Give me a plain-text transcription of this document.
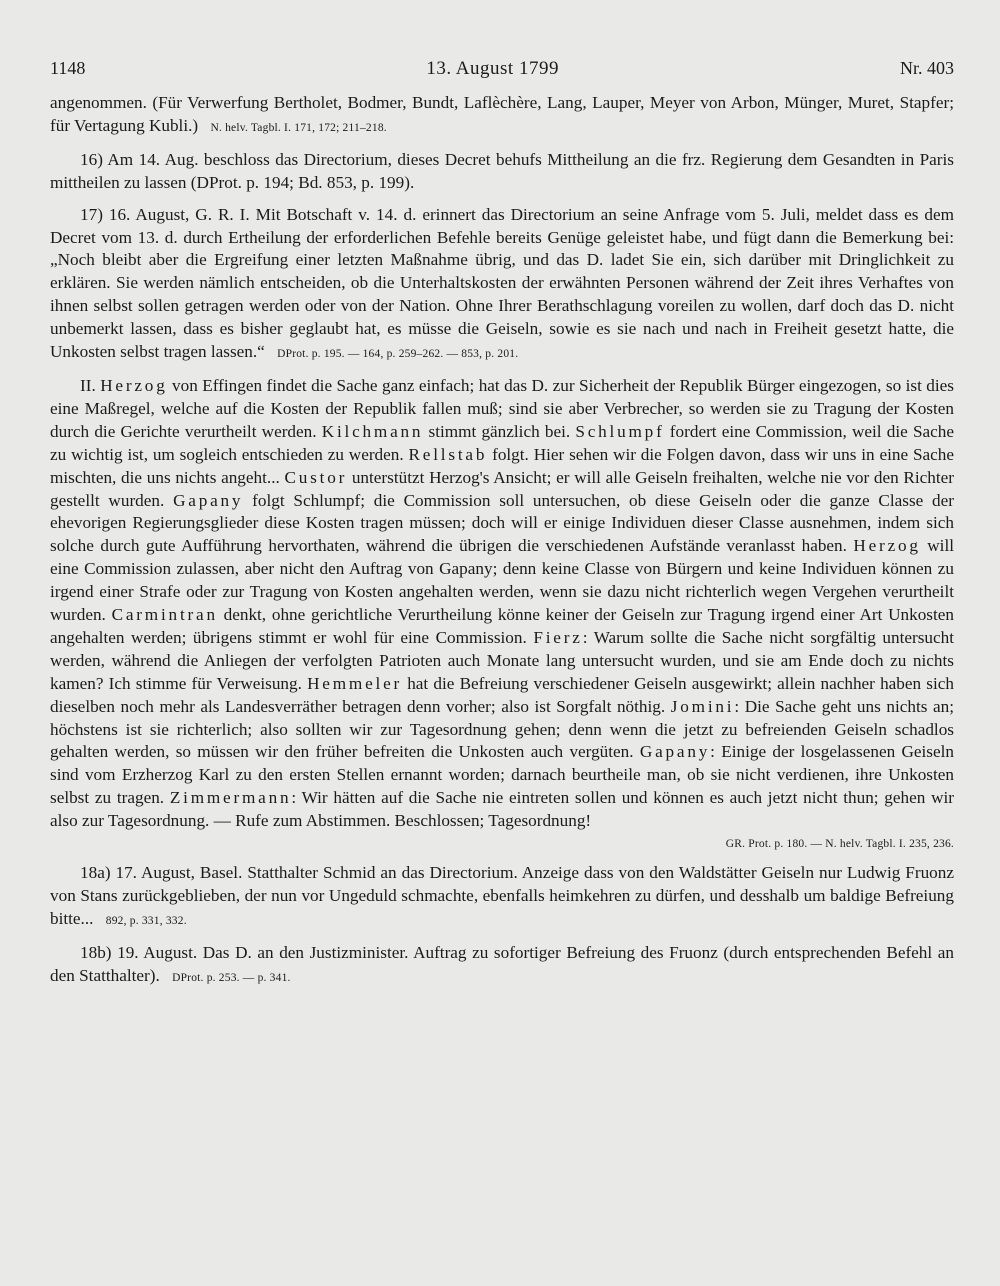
1148	13. August 1799	Nr. 403

angenommen. (Für Verwerfung Bertholet, Bodmer, Bundt, Laflèchère, Lang, Lauper, Meyer von Arbon, Münger, Muret, Stapfer; für Vertagung Kubli.) N. helv. Tagbl. I. 171, 172; 211–218.

16) Am 14. Aug. beschloss das Directorium, dieses Decret behufs Mittheilung an die frz. Regierung dem Gesandten in Paris mittheilen zu lassen (DProt. p. 194; Bd. 853, p. 199).

17) 16. August, G. R. I. Mit Botschaft v. 14. d. erinnert das Directorium an seine Anfrage vom 5. Juli, meldet dass es dem Decret vom 13. d. durch Ertheilung der erforderlichen Befehle bereits Genüge geleistet habe, und fügt dann die Bemerkung bei: „Noch bleibt aber die Ergreifung einer letzten Maßnahme übrig, und das D. ladet Sie ein, sich darüber mit Dringlichkeit zu erklären. Sie werden nämlich entscheiden, ob die Unterhaltskosten der erwähnten Personen während der Zeit ihres Verhaftes von ihnen selbst sollen getragen werden oder von der Nation. Ohne Ihrer Berathschlagung voreilen zu wollen, darf doch das D. nicht unbemerkt lassen, dass es bisher geglaubt hat, es müsse die Geiseln, sowie es sie nach und nach in Freiheit gesetzt hatte, die Unkosten selbst tragen lassen.“ DProt. p. 195. — 164, p. 259–262. — 853, p. 201.

II. Herzog von Effingen findet die Sache ganz einfach; hat das D. zur Sicherheit der Republik Bürger eingezogen, so ist dies eine Maßregel, welche auf die Kosten der Republik fallen muß; sind sie aber Verbrecher, so werden sie zu Tragung der Kosten durch die Gerichte verurtheilt werden. Kilchmann stimmt gänzlich bei. Schlumpf fordert eine Commission, weil die Sache zu wichtig ist, um sogleich entschieden zu werden. Rellstab folgt. Hier sehen wir die Folgen davon, dass wir uns in eine Sache mischten, die uns nichts angeht... Custor unterstützt Herzog's Ansicht; er will alle Geiseln freihalten, welche nie vor den Richter gestellt wurden. Gapany folgt Schlumpf; die Commission soll untersuchen, ob diese Geiseln oder die ganze Classe der ehevorigen Regierungsglieder diese Kosten tragen müssen; doch will er einige Individuen dieser Classe ausnehmen, indem sich solche durch gute Aufführung hervorthaten, während die übrigen die verschiedenen Aufstände veranlasst haben. Herzog will eine Commission zulassen, aber nicht den Auftrag von Gapany; denn keine Classe von Bürgern und keine Individuen können zu irgend einer Strafe oder zur Tragung von Kosten angehalten werden, wenn sie dazu nicht richterlich wegen Vergehen verurtheilt wurden. Carmintran denkt, ohne gerichtliche Verurtheilung könne keiner der Geiseln zur Tragung irgend einer Art Unkosten angehalten werden; übrigens stimmt er wohl für eine Commission. Fierz: Warum sollte die Sache nicht sorgfältig untersucht werden, während die Anliegen der verfolgten Patrioten auch Monate lang untersucht wurden, und sie am Ende doch zu nichts kamen? Ich stimme für Verweisung. Hemmeler hat die Befreiung verschiedener Geiseln ausgewirkt; allein nachher haben sich dieselben noch mehr als Landesverräther betragen denn vorher; also ist Sorgfalt nöthig. Jomini: Die Sache geht uns nichts an; höchstens ist sie richterlich; also sollten wir zur Tagesordnung gehen; denn wenn die jetzt zu befreienden Geiseln schadlos gehalten werden, so müssen wir den früher befreiten die Unkosten auch vergüten. Gapany: Einige der losgelassenen Geiseln sind vom Erzherzog Karl zu den ersten Stellen ernannt worden; darnach beurtheile man, ob sie nicht verdienen, ihre Unkosten selbst zu tragen. Zimmermann: Wir hätten auf die Sache nie eintreten sollen und können es auch jetzt nicht thun; gehen wir also zur Tagesordnung. — Rufe zum Abstimmen. Beschlossen; Tagesordnung!

GR. Prot. p. 180. — N. helv. Tagbl. I. 235, 236.

18a) 17. August, Basel. Statthalter Schmid an das Directorium. Anzeige dass von den Waldstätter Geiseln nur Ludwig Fruonz von Stans zurückgeblieben, der nun vor Ungeduld schmachte, ebenfalls heimkehren zu dürfen, und desshalb um baldige Befreiung bitte... 892, p. 331, 332.

18b) 19. August. Das D. an den Justizminister. Auftrag zu sofortiger Befreiung des Fruonz (durch entsprechenden Befehl an den Statthalter). DProt. p. 253. — p. 341.
